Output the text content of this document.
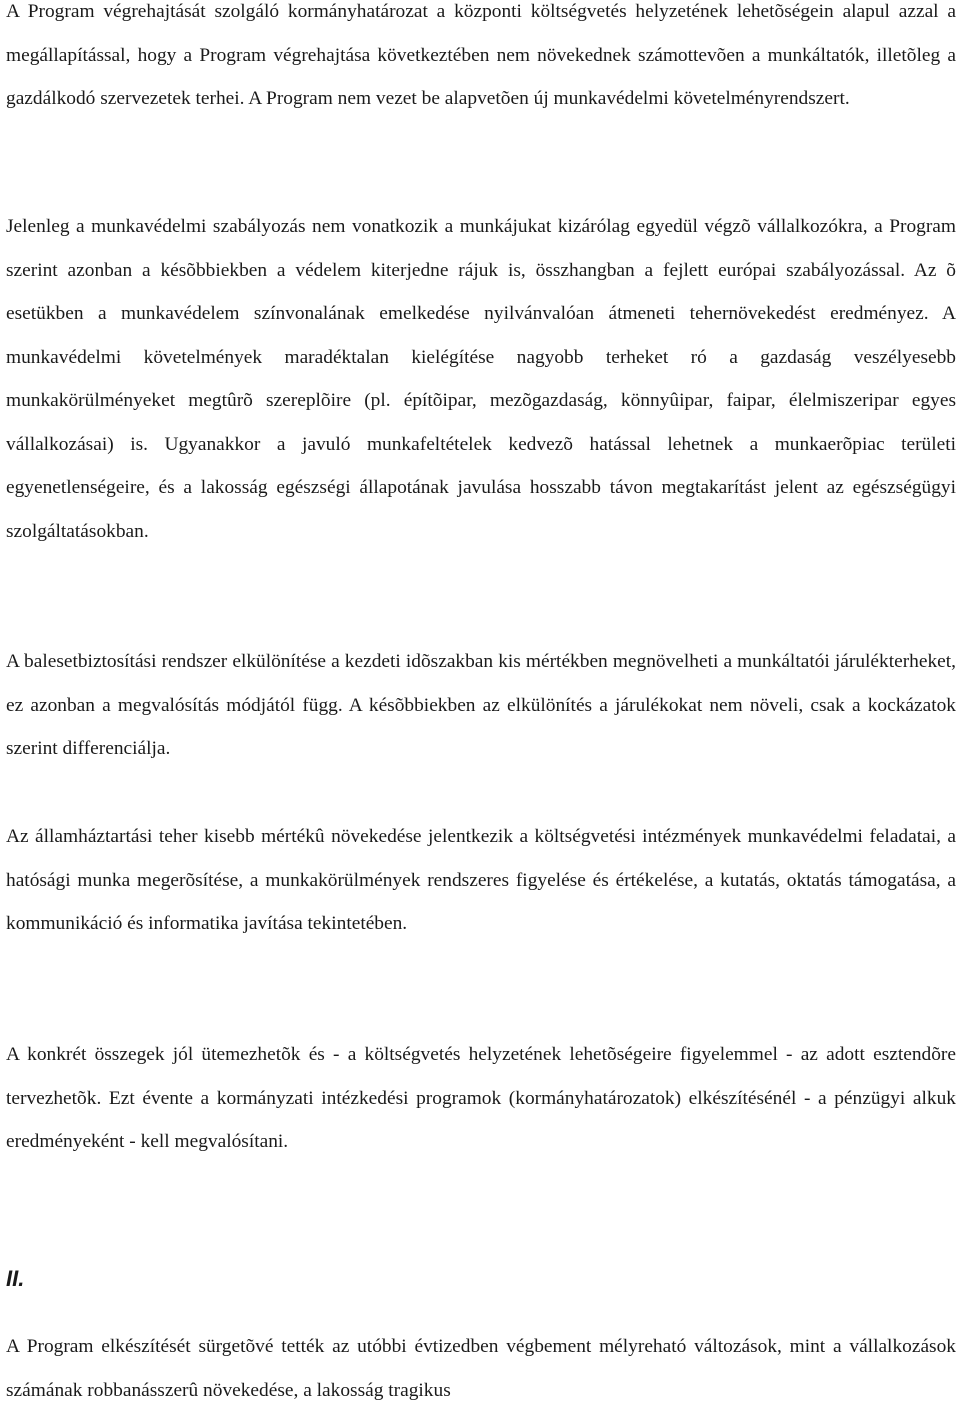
A Program végrehajtását szolgáló kormányhatározat a központi költségvetés helyzetének lehetõségein alapul azzal a megállapítással, hogy a Program végrehajtása következtében nem növekednek számottevõen a munkáltatók, illetõleg a gazdálkodó szervezetek terhei. A Program nem vezet be alapvetõen új munkavédelmi követelményrendszert.

Jelenleg a munkavédelmi szabályozás nem vonatkozik a munkájukat kizárólag egyedül végzõ vállalkozókra, a Program szerint azonban a késõbbiekben a védelem kiterjedne rájuk is, összhangban a fejlett európai szabályozással. Az õ esetükben a munkavédelem színvonalának emelkedése nyilvánvalóan átmeneti tehernövekedést eredményez. A munkavédelmi követelmények maradéktalan kielégítése nagyobb terheket ró a gazdaság veszélyesebb munkakörülményeket megtûrõ szereplõire (pl. építõipar, mezõgazdaság, könnyûipar, faipar, élelmiszeripar egyes vállalkozásai) is. Ugyanakkor a javuló munkafeltételek kedvezõ hatással lehetnek a munkaerõpiac területi egyenetlenségeire, és a lakosság egészségi állapotának javulása hosszabb távon megtakarítást jelent az egészségügyi szolgáltatásokban.

A balesetbiztosítási rendszer elkülönítése a kezdeti idõszakban kis mértékben megnövelheti a munkáltatói járulékterheket, ez azonban a megvalósítás módjától függ. A késõbbiekben az elkülönítés a járulékokat nem növeli, csak a kockázatok szerint differenciálja.

Az államháztartási teher kisebb mértékû növekedése jelentkezik a költségvetési intézmények munkavédelmi feladatai, a hatósági munka megerõsítése, a munkakörülmények rendszeres figyelése és értékelése, a kutatás, oktatás támogatása, a kommunikáció és informatika javítása tekintetében.

A konkrét összegek jól ütemezhetõk és - a költségvetés helyzetének lehetõségeire figyelemmel - az adott esztendõre tervezhetõk. Ezt évente a kormányzati intézkedési programok (kormányhatározatok) elkészítésénél - a pénzügyi alkuk eredményeként - kell megvalósítani.

II.

A Program elkészítését sürgetõvé tették az utóbbi évtizedben végbement mélyreható változások, mint a vállalkozások számának robbanásszerû növekedése, a lakosság tragikus
